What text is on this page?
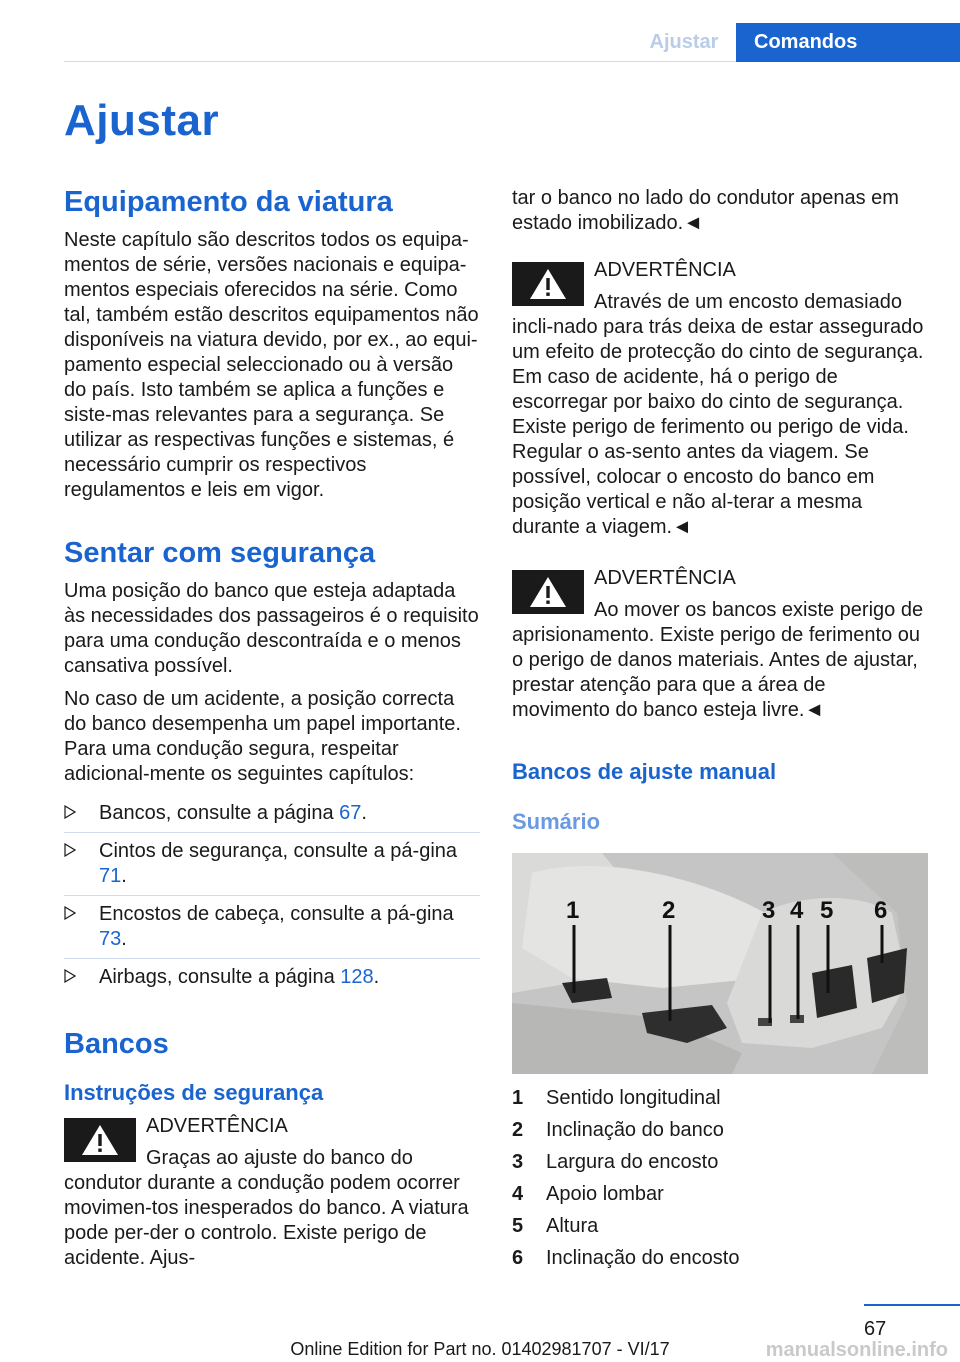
Ajustar	Comandos
Ajustar
Equipamento da viatura

Neste capítulo são descritos todos os equipa-mentos de série, versões nacionais e equipa-mentos especiais oferecidos na série. Como tal, também estão descritos equipamentos não disponíveis na viatura devido, por ex., ao equi-pamento especial seleccionado ou à versão do país. Isto também se aplica a funções e siste-mas relevantes para a segurança. Se utilizar as respectivas funções e sistemas, é necessário cumprir os respectivos regulamentos e leis em vigor.

Sentar com segurança

Uma posição do banco que esteja adaptada às necessidades dos passageiros é o requisito para uma condução descontraída e o menos cansativa possível.

No caso de um acidente, a posição correcta do banco desempenha um papel importante. Para uma condução segura, respeitar adicional-mente os seguintes capítulos:

Bancos, consulte a página 67.
Cintos de segurança, consulte a pá-gina 71.
Encostos de cabeça, consulte a pá-gina 73.
Airbags, consulte a página 128.
Bancos
Instruções de segurança
ADVERTÊNCIA
Graças ao ajuste do banco do condutor durante a condução podem ocorrer movimen-tos inesperados do banco. A viatura pode per-der o controlo. Existe perigo de acidente. Ajus-

tar o banco no lado do condutor apenas em estado imobilizado.◄

ADVERTÊNCIA
Através de um encosto demasiado incli-nado para trás deixa de estar assegurado um efeito de protecção do cinto de segurança. Em caso de acidente, há o perigo de escorregar por baixo do cinto de segurança. Existe perigo de ferimento ou perigo de vida. Regular o as-sento antes da viagem. Se possível, colocar o encosto do banco em posição vertical e não al-terar a mesma durante a viagem.◄
ADVERTÊNCIA
Ao mover os bancos existe perigo de aprisionamento. Existe perigo de ferimento ou o perigo de danos materiais. Antes de ajustar, prestar atenção para que a área de movimento do banco esteja livre.◄
Bancos de ajuste manual
Sumário
1	2	3 4 5 6
1	Sentido longitudinal
2	Inclinação do banco
3	Largura do encosto
4	Apoio lombar
5	Altura
6	Inclinação do encosto
67
Online Edition for Part no. 01402981707 - VI/17	manualsonline.info
